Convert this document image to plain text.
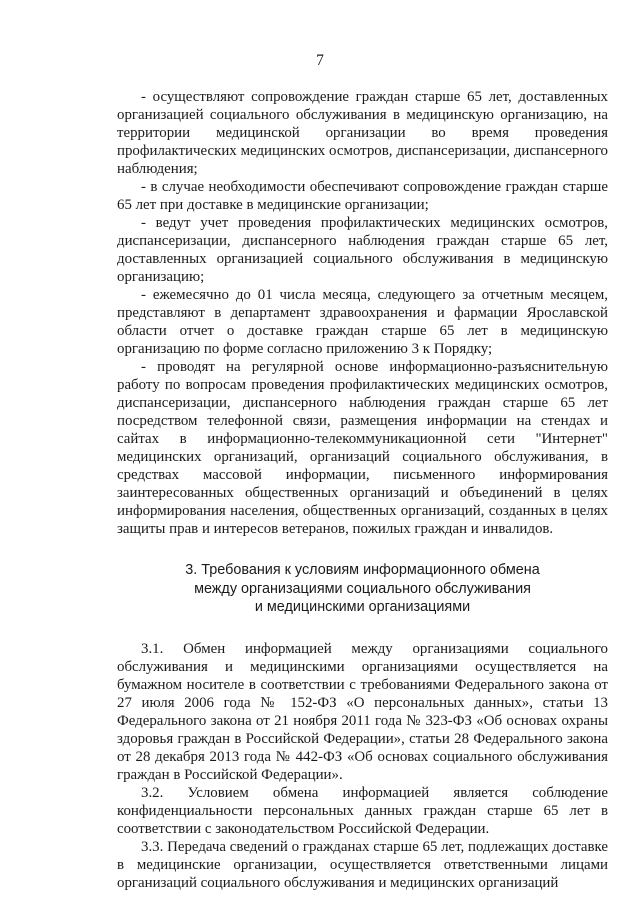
7

- осуществляют сопровождение граждан старше 65 лет, доставленных организацией социального обслуживания в медицинскую организацию, на территории медицинской организации во время проведения профилактических медицинских осмотров, диспансеризации, диспансерного наблюдения;

- в случае необходимости обеспечивают сопровождение граждан старше 65 лет при доставке в медицинские организации;

- ведут учет проведения профилактических медицинских осмотров, диспансеризации, диспансерного наблюдения граждан старше 65 лет, доставленных организацией социального обслуживания в медицинскую организацию;

- ежемесячно до 01 числа месяца, следующего за отчетным месяцем, представляют в департамент здравоохранения и фармации Ярославской области отчет о доставке граждан старше 65 лет в медицинскую организацию по форме согласно приложению 3 к Порядку;

- проводят на регулярной основе информационно-разъяснительную работу по вопросам проведения профилактических медицинских осмотров, диспансеризации, диспансерного наблюдения граждан старше 65 лет посредством телефонной связи, размещения информации на стендах и сайтах в информационно-телекоммуникационной сети "Интернет" медицинских организаций, организаций социального обслуживания, в средствах массовой информации, письменного информирования заинтересованных общественных организаций и объединений в целях информирования населения, общественных организаций, созданных в целях защиты прав и интересов ветеранов, пожилых граждан и инвалидов.

3. Требования к условиям информационного обмена
между организациями социального обслуживания
и медицинскими организациями

3.1. Обмен информацией между организациями социального обслуживания и медицинскими организациями осуществляется на бумажном носителе в соответствии с требованиями Федерального закона от 27 июля 2006 года № 152-ФЗ «О персональных данных», статьи 13 Федерального закона от 21 ноября 2011 года № 323-ФЗ «Об основах охраны здоровья граждан в Российской Федерации», статьи 28 Федерального закона от 28 декабря 2013 года № 442-ФЗ «Об основах социального обслуживания граждан в Российской Федерации».

3.2. Условием обмена информацией является соблюдение конфиденциальности персональных данных граждан старше 65 лет в соответствии с законодательством Российской Федерации.

3.3. Передача сведений о гражданах старше 65 лет, подлежащих доставке в медицинские организации, осуществляется ответственными лицами организаций социального обслуживания и медицинских организаций
